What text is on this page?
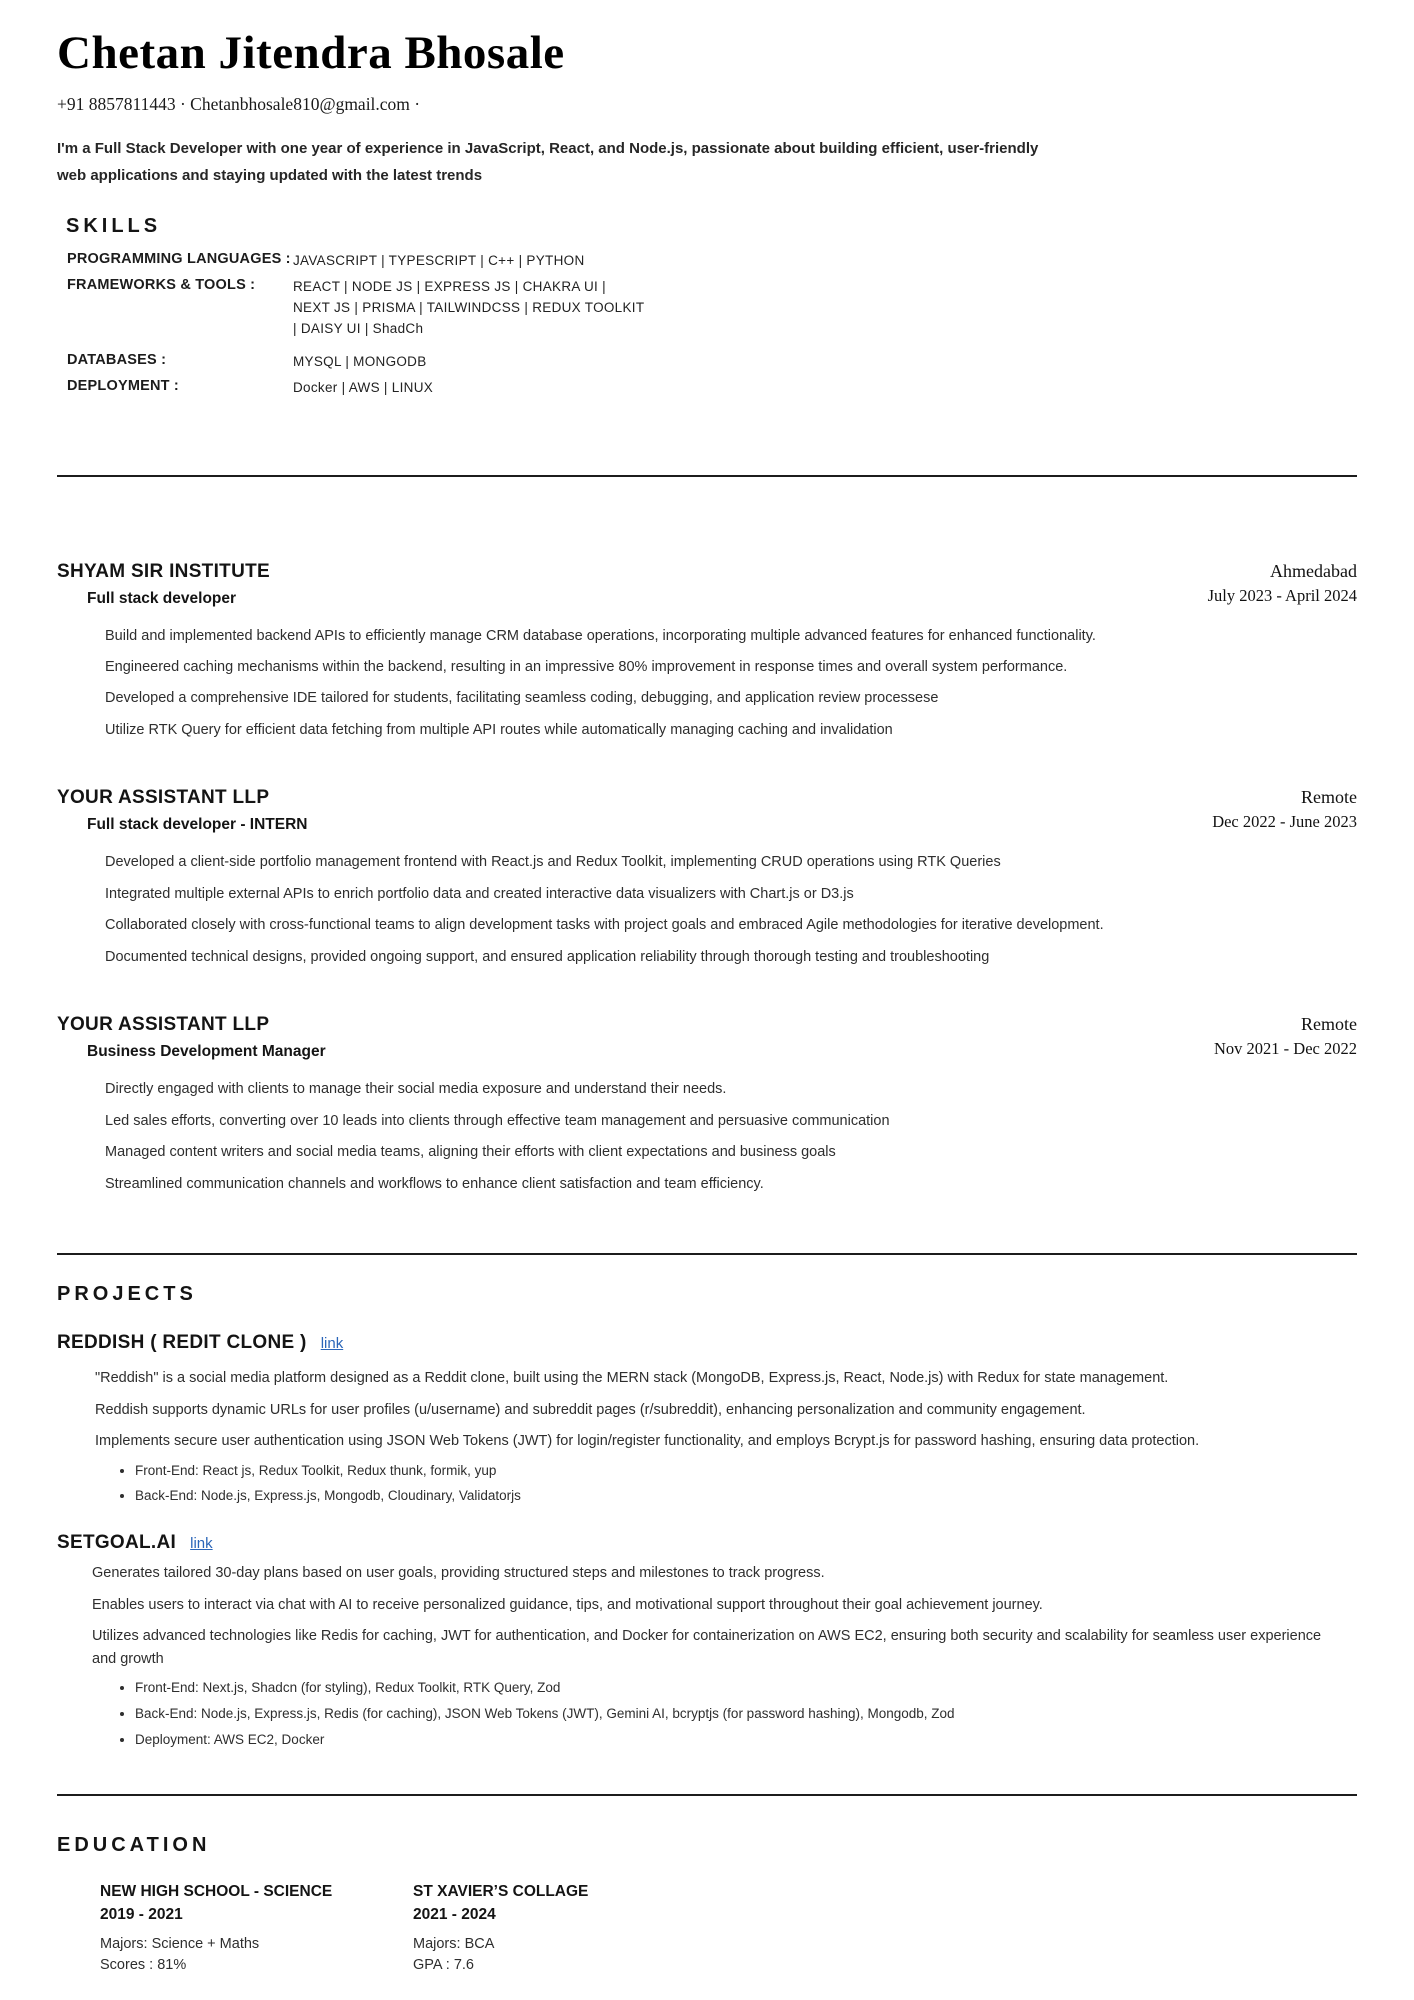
Chetan Jitendra Bhosale
+91 8857811443 · Chetanbhosale810@gmail.com ·
I'm a Full Stack Developer with one year of experience in JavaScript, React, and Node.js, passionate about building efficient, user-friendly web applications and staying updated with the latest trends
SKILLS
PROGRAMMING LANGUAGES : JAVASCRIPT | TYPESCRIPT | C++ | PYTHON
FRAMEWORKS & TOOLS :	REACT | NODE JS | EXPRESS JS | CHAKRA UI | NEXT JS | PRISMA | TAILWINDCSS | REDUX TOOLKIT | DAISY UI | ShadCh
DATABASES :	MYSQL | MONGODB
DEPLOYMENT :	Docker | AWS | LINUX
SHYAM SIR INSTITUTE
Full stack developer
Ahmedabad
July 2023 - April 2024

Build and implemented backend APIs to efficiently manage CRM database operations, incorporating multiple advanced features for enhanced functionality.

Engineered caching mechanisms within the backend, resulting in an impressive 80% improvement in response times and overall system performance.

Developed a comprehensive IDE tailored for students, facilitating seamless coding, debugging, and application review processese

Utilize RTK Query for efficient data fetching from multiple API routes while automatically managing caching and invalidation

YOUR ASSISTANT LLP
Full stack developer - INTERN
Remote
Dec 2022 - June 2023

Developed a client-side portfolio management frontend with React.js and Redux Toolkit, implementing CRUD operations using RTK Queries

Integrated multiple external APIs to enrich portfolio data and created interactive data visualizers with Chart.js or D3.js

Collaborated closely with cross-functional teams to align development tasks with project goals and embraced Agile methodologies for iterative development.

Documented technical designs, provided ongoing support, and ensured application reliability through thorough testing and troubleshooting

YOUR ASSISTANT LLP
Business Development Manager
Remote
Nov 2021 - Dec 2022

Directly engaged with clients to manage their social media exposure and understand their needs.

Led sales efforts, converting over 10 leads into clients through effective team management and persuasive communication

Managed content writers and social media teams, aligning their efforts with client expectations and business goals

Streamlined communication channels and workflows to enhance client satisfaction and team efficiency.

PROJECTS
REDDISH ( REDIT CLONE ) link

"Reddish" is a social media platform designed as a Reddit clone, built using the MERN stack (MongoDB, Express.js, React, Node.js) with Redux for state management.

Reddish supports dynamic URLs for user profiles (u/username) and subreddit pages (r/subreddit), enhancing personalization and community engagement.

Implements secure user authentication using JSON Web Tokens (JWT) for login/register functionality, and employs Bcrypt.js for password hashing, ensuring data protection.

• Front-End: React js, Redux Toolkit, Redux thunk, formik, yup
• Back-End: Node.js, Express.js, Mongodb, Cloudinary, Validatorjs
SETGOAL.AI link

Generates tailored 30-day plans based on user goals, providing structured steps and milestones to track progress.

Enables users to interact via chat with AI to receive personalized guidance, tips, and motivational support throughout their goal achievement journey.

Utilizes advanced technologies like Redis for caching, JWT for authentication, and Docker for containerization on AWS EC2, ensuring both security and scalability for seamless user experience and growth

• Front-End: Next.js, Shadcn (for styling), Redux Toolkit, RTK Query, Zod
• Back-End: Node.js, Express.js, Redis (for caching), JSON Web Tokens (JWT), Gemini AI, bcryptjs (for password hashing), Mongodb, Zod
• Deployment: AWS EC2, Docker
EDUCATION
NEW HIGH SCHOOL - SCIENCE
2019 - 2021
Majors: Science + Maths
Scores : 81%
ST XAVIER’S COLLAGE
2021 - 2024
Majors: BCA
GPA : 7.6
